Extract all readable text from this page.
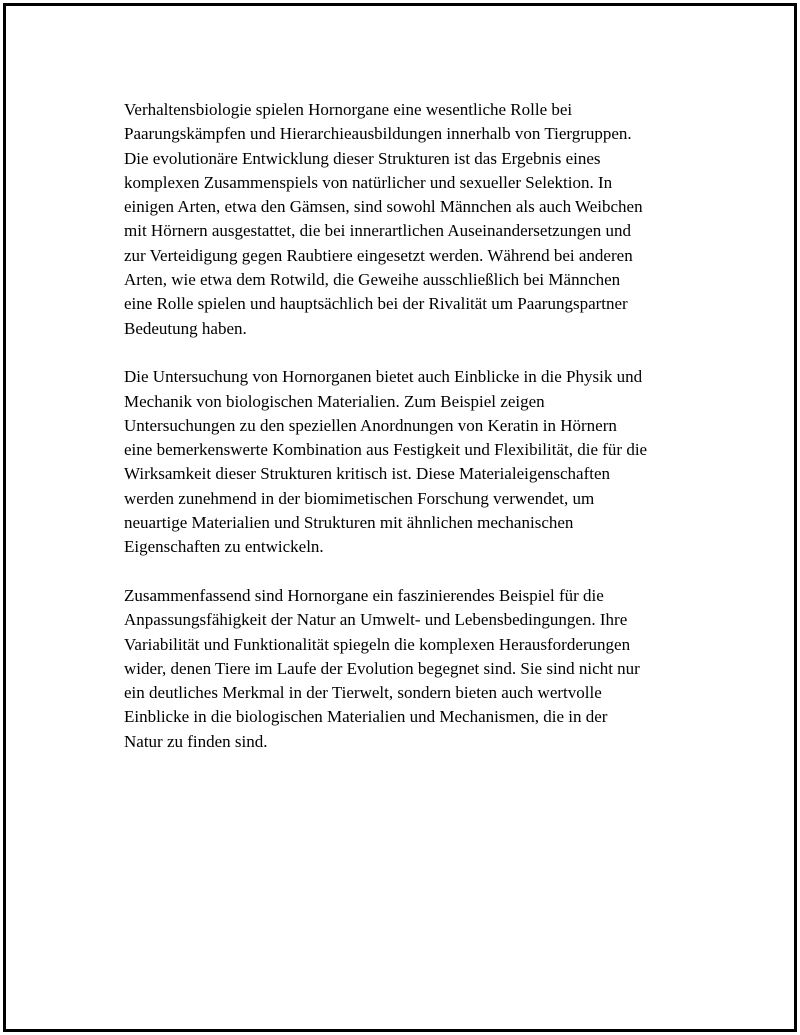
Verhaltensbiologie spielen Hornorgane eine wesentliche Rolle bei
Paarungskämpfen und Hierarchieausbildungen innerhalb von Tiergruppen.
Die evolutionäre Entwicklung dieser Strukturen ist das Ergebnis eines
komplexen Zusammenspiels von natürlicher und sexueller Selektion. In
einigen Arten, etwa den Gämsen, sind sowohl Männchen als auch Weibchen
mit Hörnern ausgestattet, die bei innerartlichen Auseinandersetzungen und
zur Verteidigung gegen Raubtiere eingesetzt werden. Während bei anderen
Arten, wie etwa dem Rotwild, die Geweihe ausschließlich bei Männchen
eine Rolle spielen und hauptsächlich bei der Rivalität um Paarungspartner
Bedeutung haben.

Die Untersuchung von Hornorganen bietet auch Einblicke in die Physik und
Mechanik von biologischen Materialien. Zum Beispiel zeigen
Untersuchungen zu den speziellen Anordnungen von Keratin in Hörnern
eine bemerkenswerte Kombination aus Festigkeit und Flexibilität, die für die
Wirksamkeit dieser Strukturen kritisch ist. Diese Materialeigenschaften
werden zunehmend in der biomimetischen Forschung verwendet, um
neuartige Materialien und Strukturen mit ähnlichen mechanischen
Eigenschaften zu entwickeln.

Zusammenfassend sind Hornorgane ein faszinierendes Beispiel für die
Anpassungsfähigkeit der Natur an Umwelt- und Lebensbedingungen. Ihre
Variabilität und Funktionalität spiegeln die komplexen Herausforderungen
wider, denen Tiere im Laufe der Evolution begegnet sind. Sie sind nicht nur
ein deutliches Merkmal in der Tierwelt, sondern bieten auch wertvolle
Einblicke in die biologischen Materialien und Mechanismen, die in der
Natur zu finden sind.
